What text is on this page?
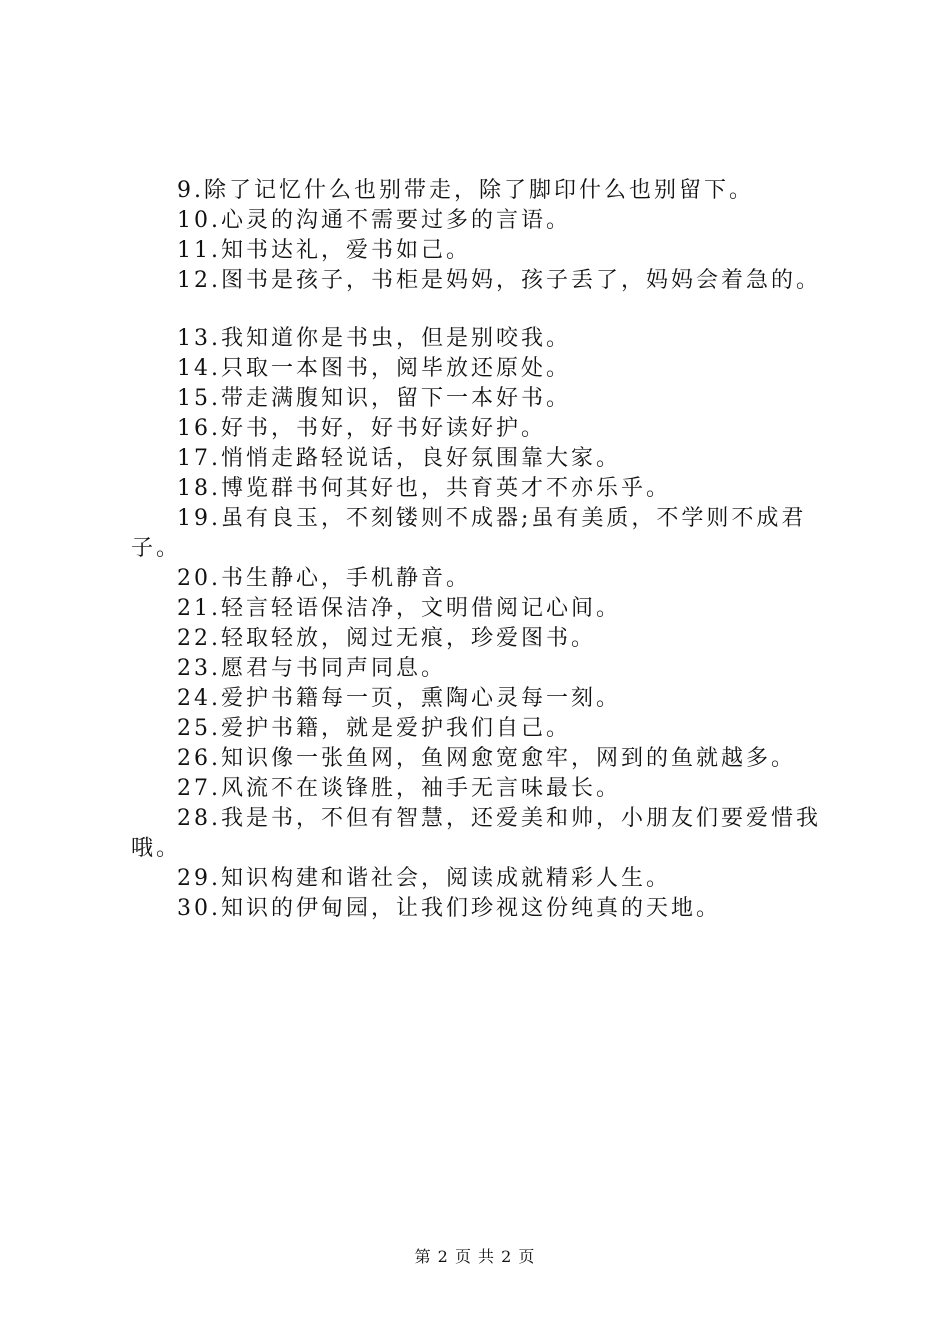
9.除了记忆什么也别带走，除了脚印什么也别留下。

10.心灵的沟通不需要过多的言语。

11.知书达礼，爱书如己。

12.图书是孩子，书柜是妈妈，孩子丢了，妈妈会着急的。

13.我知道你是书虫，但是别咬我。

14.只取一本图书，阅毕放还原处。

15.带走满腹知识，留下一本好书。

16.好书，书好，好书好读好护。

17.悄悄走路轻说话，良好氛围靠大家。

18.博览群书何其好也，共育英才不亦乐乎。

19.虽有良玉，不刻镂则不成器;虽有美质，不学则不成君子。

20.书生静心，手机静音。

21.轻言轻语保洁净，文明借阅记心间。

22.轻取轻放，阅过无痕，珍爱图书。

23.愿君与书同声同息。

24.爱护书籍每一页，熏陶心灵每一刻。

25.爱护书籍，就是爱护我们自己。

26.知识像一张鱼网，鱼网愈宽愈牢，网到的鱼就越多。

27.风流不在谈锋胜，袖手无言味最长。

28.我是书，不但有智慧，还爱美和帅，小朋友们要爱惜我哦。

29.知识构建和谐社会，阅读成就精彩人生。

30.知识的伊甸园，让我们珍视这份纯真的天地。

第 2 页 共 2 页
